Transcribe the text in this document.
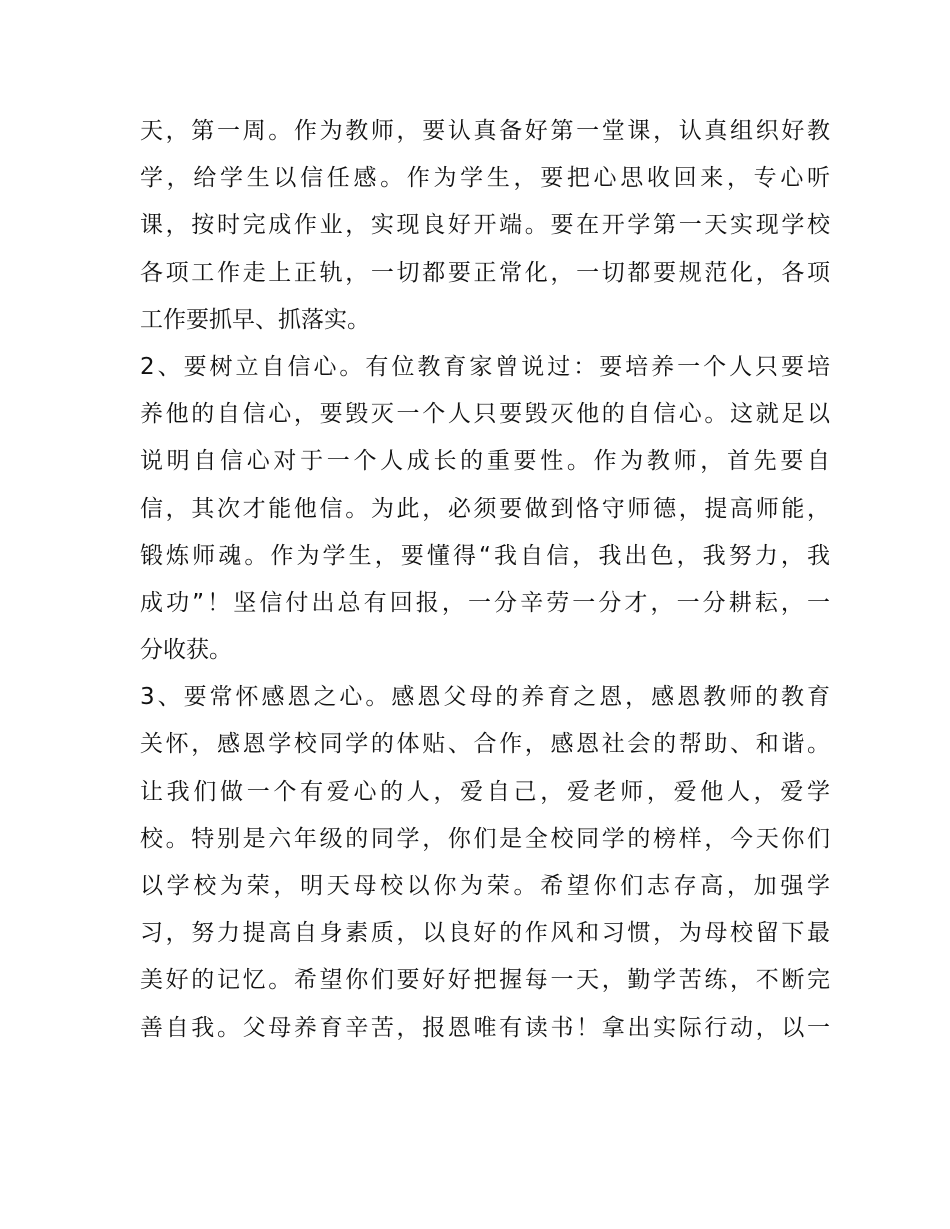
天，第一周。作为教师，要认真备好第一堂课，认真组织好教
学，给学生以信任感。作为学生，要把心思收回来，专心听
课，按时完成作业，实现良好开端。要在开学第一天实现学校
各项工作走上正轨，一切都要正常化，一切都要规范化，各项
工作要抓早、抓落实。
2、要树立自信心。有位教育家曾说过：要培养一个人只要培
养他的自信心，要毁灭一个人只要毁灭他的自信心。这就足以
说明自信心对于一个人成长的重要性。作为教师，首先要自
信，其次才能他信。为此，必须要做到恪守师德，提高师能，
锻炼师魂。作为学生，要懂得“我自信，我出色，我努力，我
成功”！坚信付出总有回报，一分辛劳一分才，一分耕耘，一
分收获。
3、要常怀感恩之心。感恩父母的养育之恩，感恩教师的教育
关怀，感恩学校同学的体贴、合作，感恩社会的帮助、和谐。
让我们做一个有爱心的人，爱自己，爱老师，爱他人，爱学
校。特别是六年级的同学，你们是全校同学的榜样，今天你们
以学校为荣，明天母校以你为荣。希望你们志存高，加强学
习，努力提高自身素质，以良好的作风和习惯，为母校留下最
美好的记忆。希望你们要好好把握每一天，勤学苦练，不断完
善自我。父母养育辛苦，报恩唯有读书！拿出实际行动，以一
